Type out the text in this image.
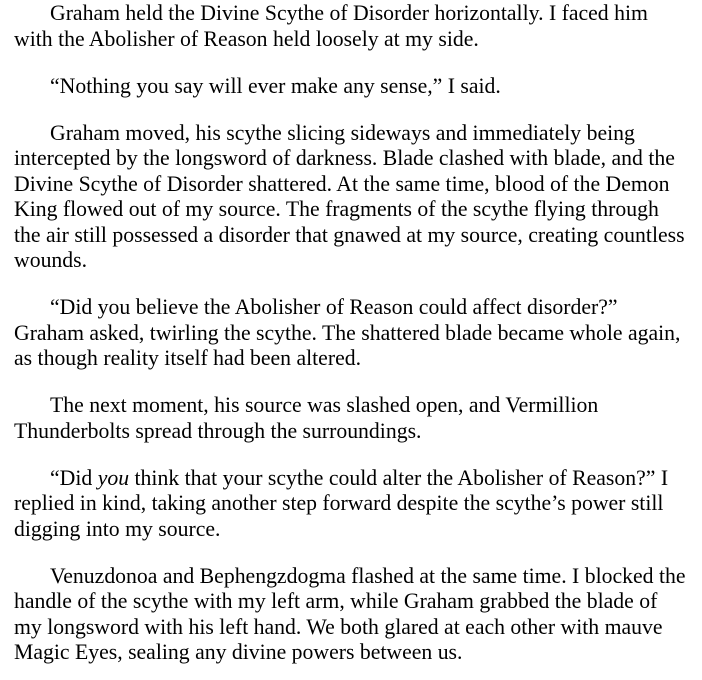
Graham held the Divine Scythe of Disorder horizontally. I faced him with the Abolisher of Reason held loosely at my side.

“Nothing you say will ever make any sense,” I said.

Graham moved, his scythe slicing sideways and immediately being intercepted by the longsword of darkness. Blade clashed with blade, and the Divine Scythe of Disorder shattered. At the same time, blood of the Demon King flowed out of my source. The fragments of the scythe flying through the air still possessed a disorder that gnawed at my source, creating countless wounds.

“Did you believe the Abolisher of Reason could affect disorder?” Graham asked, twirling the scythe. The shattered blade became whole again, as though reality itself had been altered.

The next moment, his source was slashed open, and Vermillion Thunderbolts spread through the surroundings.

“Did you think that your scythe could alter the Abolisher of Reason?” I replied in kind, taking another step forward despite the scythe’s power still digging into my source.

Venuzdonoa and Bephengzdogma flashed at the same time. I blocked the handle of the scythe with my left arm, while Graham grabbed the blade of my longsword with his left hand. We both glared at each other with mauve Magic Eyes, sealing any divine powers between us.
